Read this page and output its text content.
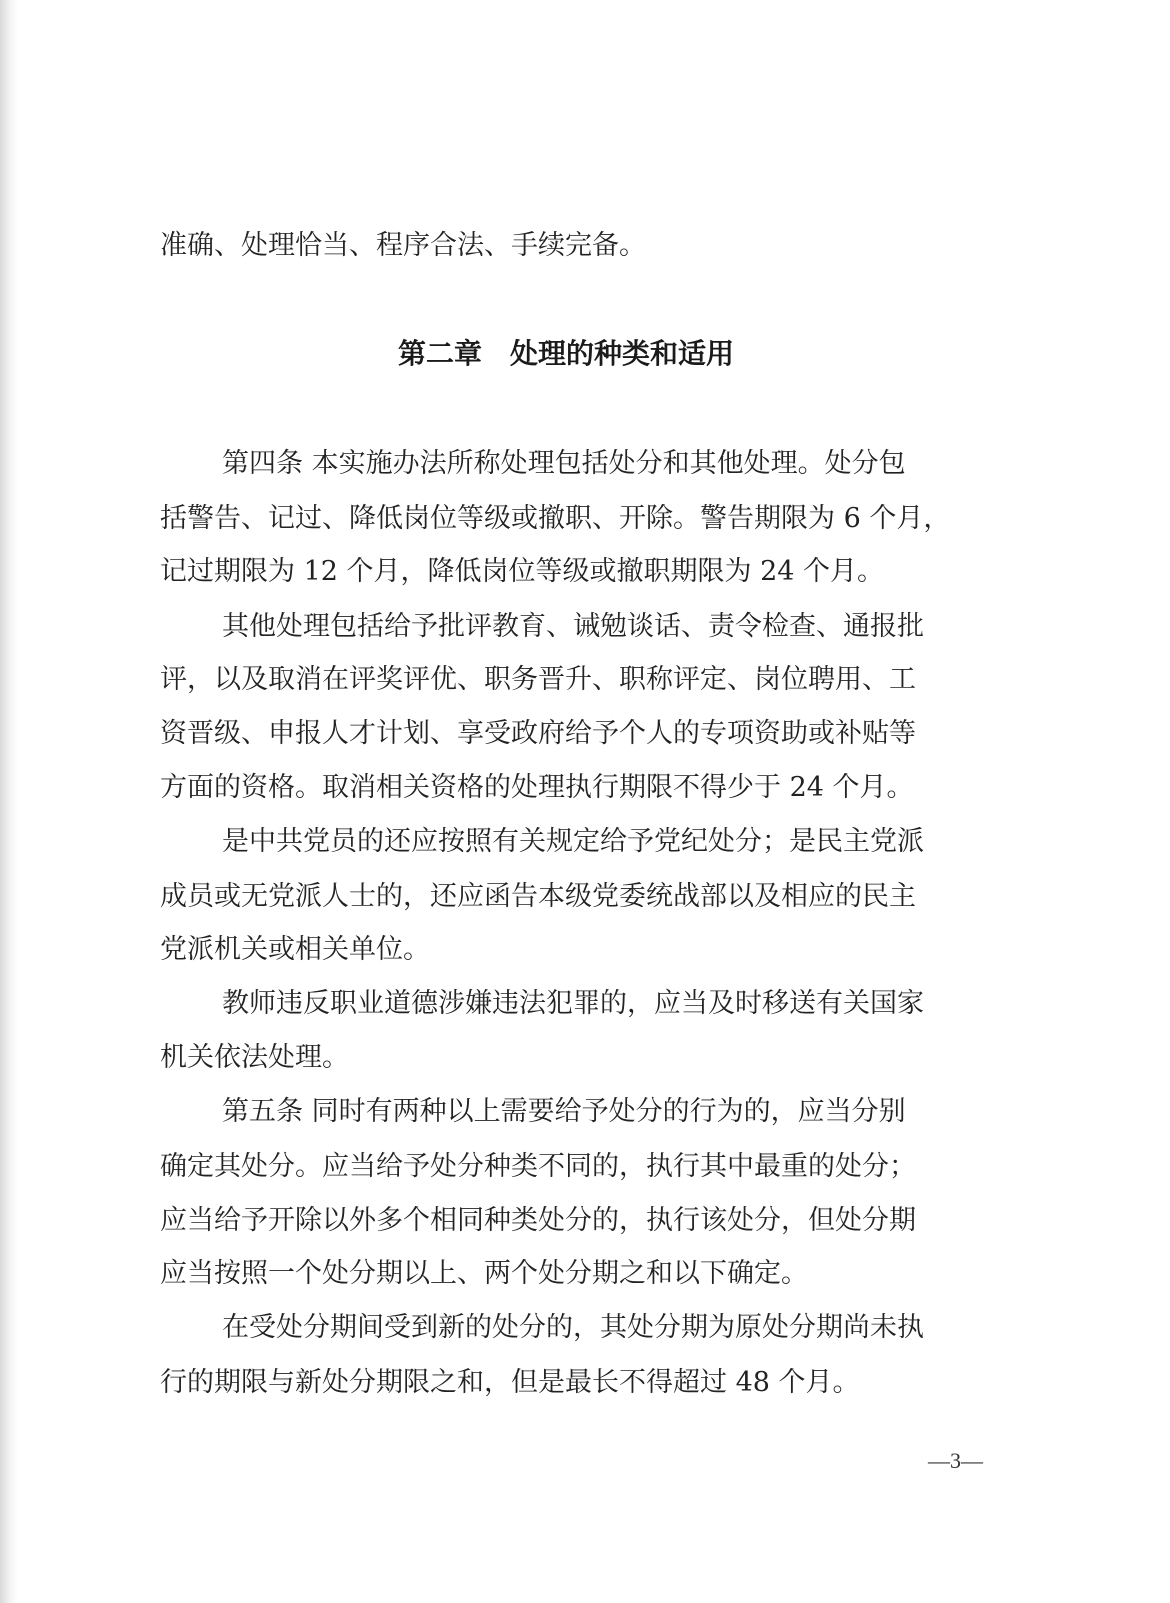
准确、处理恰当、程序合法、手续完备。
第二章　处理的种类和适用
第四条 本实施办法所称处理包括处分和其他处理。处分包
括警告、记过、降低岗位等级或撤职、开除。警告期限为 6 个月，
记过期限为 12 个月，降低岗位等级或撤职期限为 24 个月。
其他处理包括给予批评教育、诫勉谈话、责令检查、通报批
评，以及取消在评奖评优、职务晋升、职称评定、岗位聘用、工
资晋级、申报人才计划、享受政府给予个人的专项资助或补贴等
方面的资格。取消相关资格的处理执行期限不得少于 24 个月。
是中共党员的还应按照有关规定给予党纪处分；是民主党派
成员或无党派人士的，还应函告本级党委统战部以及相应的民主
党派机关或相关单位。
教师违反职业道德涉嫌违法犯罪的，应当及时移送有关国家
机关依法处理。
第五条 同时有两种以上需要给予处分的行为的，应当分别
确定其处分。应当给予处分种类不同的，执行其中最重的处分；
应当给予开除以外多个相同种类处分的，执行该处分，但处分期
应当按照一个处分期以上、两个处分期之和以下确定。
在受处分期间受到新的处分的，其处分期为原处分期尚未执
行的期限与新处分期限之和，但是最长不得超过 48 个月。
—3—
